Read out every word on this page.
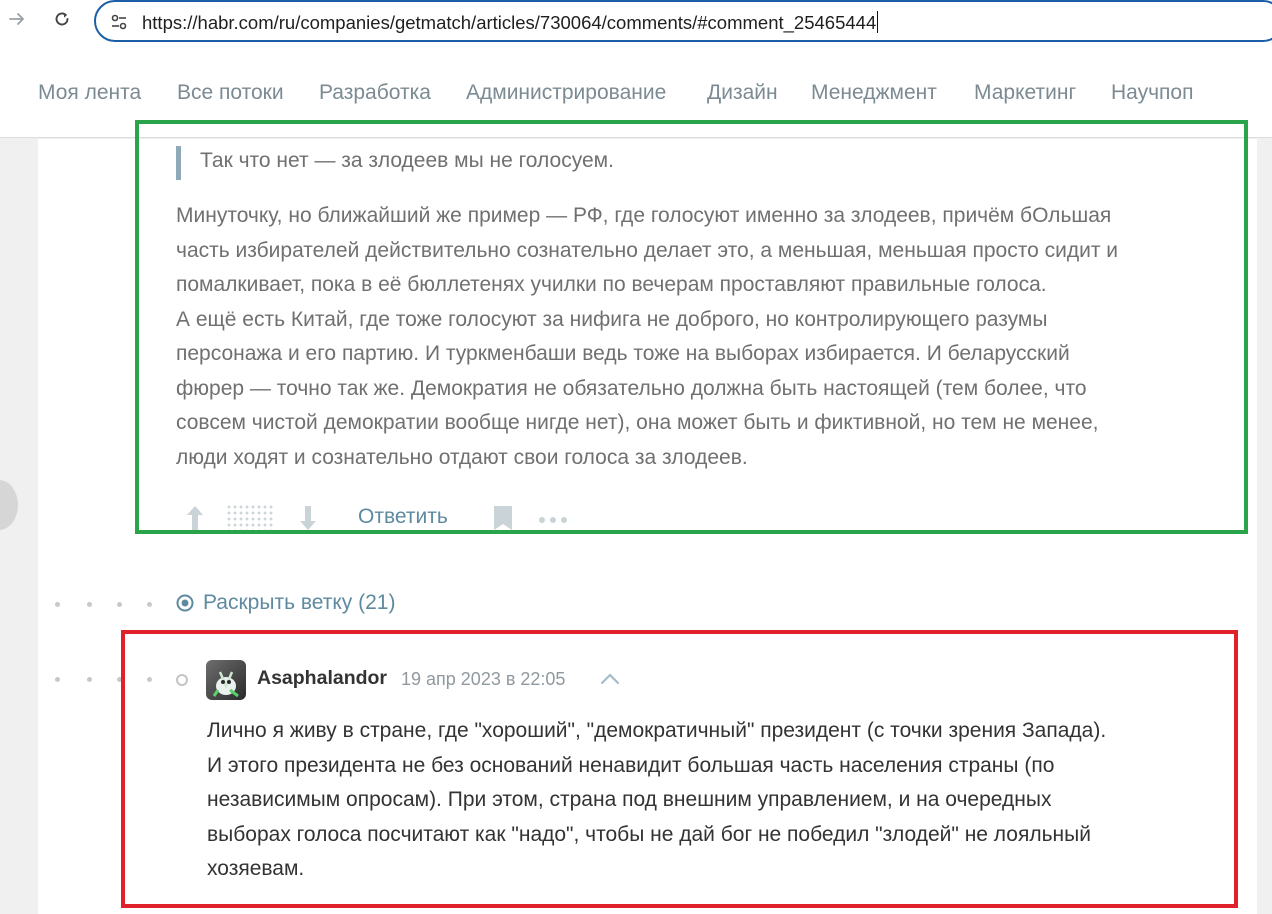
https://habr.com/ru/companies/getmatch/articles/730064/comments/#comment_25465444
Моя лента Все потоки Разработка Администрирование Дизайн Менеджмент Маркетинг Научпоп
Так что нет — за злодеев мы не голосуем.
Минуточку, но ближайший же пример — РФ, где голосуют именно за злодеев, причём бОльшая
часть избирателей действительно сознательно делает это, а меньшая, меньшая просто сидит и
помалкивает, пока в её бюллетенях училки по вечерам проставляют правильные голоса.
А ещё есть Китай, где тоже голосуют за нифига не доброго, но контролирующего разумы
персонажа и его партию. И туркменбаши ведь тоже на выборах избирается. И беларусский
фюрер — точно так же. Демократия не обязательно должна быть настоящей (тем более, что
совсем чистой демократии вообще нигде нет), она может быть и фиктивной, но тем не менее,
люди ходят и сознательно отдают свои голоса за злодеев.
Ответить
Раскрыть ветку (21)
Asaphalandor 19 апр 2023 в 22:05
Лично я живу в стране, где "хороший", "демократичный" президент (с точки зрения Запада).
И этого президента не без оснований ненавидит большая часть населения страны (по
независимым опросам). При этом, страна под внешним управлением, и на очередных
выборах голоса посчитают как "надо", чтобы не дай бог не победил "злодей" не лояльный
хозяевам.
